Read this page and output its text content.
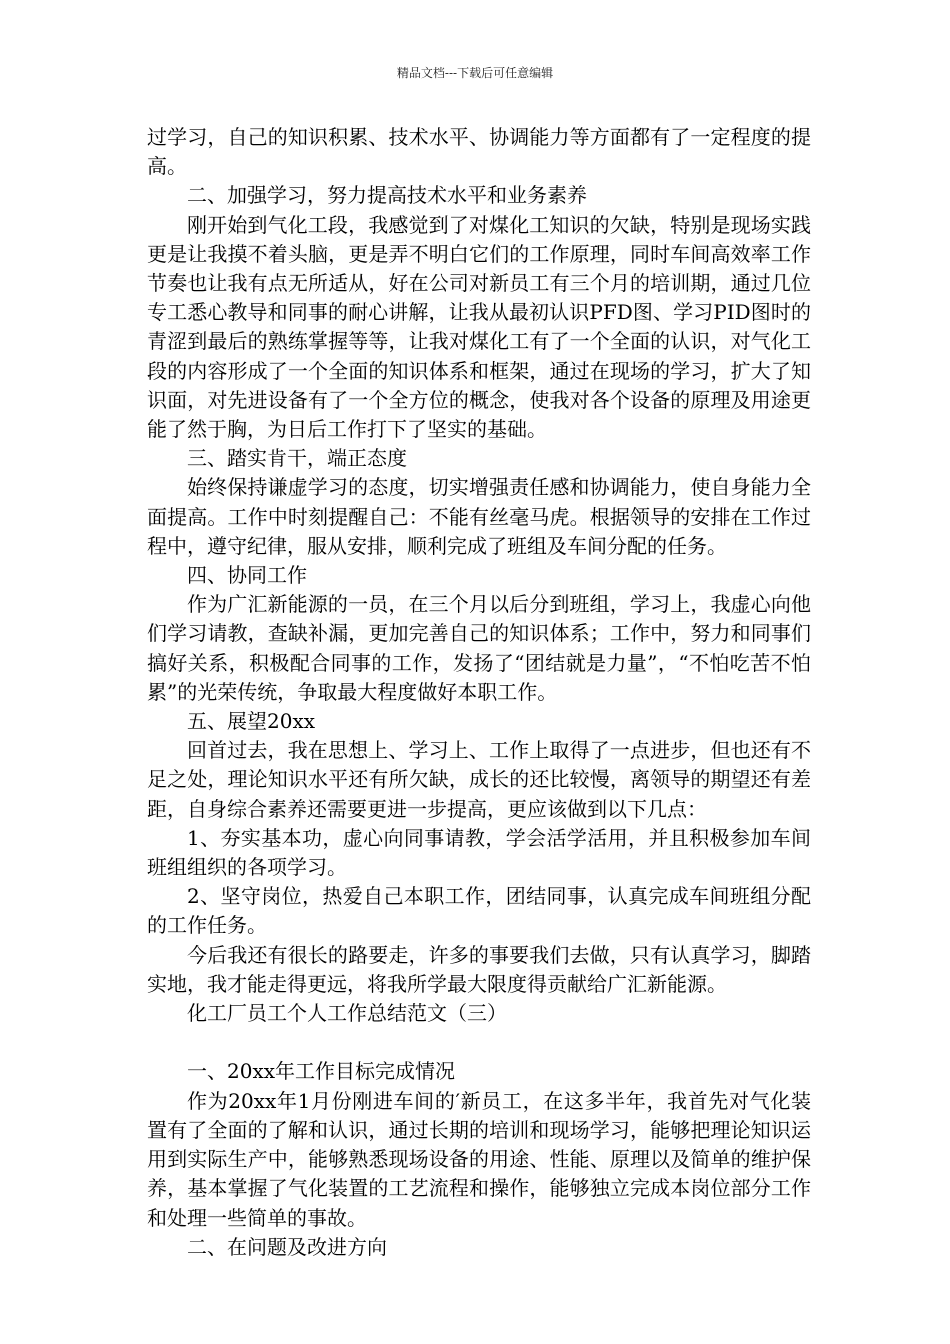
精品文档---下载后可任意编辑

过学习，自己的知识积累、技术水平、协调能力等方面都有了一定程度的提高。

二、加强学习，努力提高技术水平和业务素养

刚开始到气化工段，我感觉到了对煤化工知识的欠缺，特别是现场实践更是让我摸不着头脑，更是弄不明白它们的工作原理，同时车间高效率工作节奏也让我有点无所适从，好在公司对新员工有三个月的培训期，通过几位专工悉心教导和同事的耐心讲解，让我从最初认识PFD图、学习PID图时的青涩到最后的熟练掌握等等，让我对煤化工有了一个全面的认识，对气化工段的内容形成了一个全面的知识体系和框架，通过在现场的学习，扩大了知识面，对先进设备有了一个全方位的概念，使我对各个设备的原理及用途更能了然于胸，为日后工作打下了坚实的基础。

三、踏实肯干，端正态度

始终保持谦虚学习的态度，切实增强责任感和协调能力，使自身能力全面提高。工作中时刻提醒自己：不能有丝毫马虎。根据领导的安排在工作过程中，遵守纪律，服从安排，顺利完成了班组及车间分配的任务。

四、协同工作

作为广汇新能源的一员，在三个月以后分到班组，学习上，我虚心向他们学习请教，查缺补漏，更加完善自己的知识体系；工作中，努力和同事们搞好关系，积极配合同事的工作，发扬了“团结就是力量”，“不怕吃苦不怕累”的光荣传统，争取最大程度做好本职工作。

五、展望20xx

回首过去，我在思想上、学习上、工作上取得了一点进步，但也还有不足之处，理论知识水平还有所欠缺，成长的还比较慢，离领导的期望还有差距，自身综合素养还需要更进一步提高，更应该做到以下几点：

1、夯实基本功，虚心向同事请教，学会活学活用，并且积极参加车间班组组织的各项学习。

2、坚守岗位，热爱自己本职工作，团结同事，认真完成车间班组分配的工作任务。

今后我还有很长的路要走，许多的事要我们去做，只有认真学习，脚踏实地，我才能走得更远，将我所学最大限度得贡献给广汇新能源。

化工厂员工个人工作总结范文（三）

一、20xx年工作目标完成情况

作为20xx年1月份刚进车间的′新员工，在这多半年，我首先对气化装置有了全面的了解和认识，通过长期的培训和现场学习，能够把理论知识运用到实际生产中，能够熟悉现场设备的用途、性能、原理以及简单的维护保养，基本掌握了气化装置的工艺流程和操作，能够独立完成本岗位部分工作和处理一些简单的事故。

二、在问题及改进方向
